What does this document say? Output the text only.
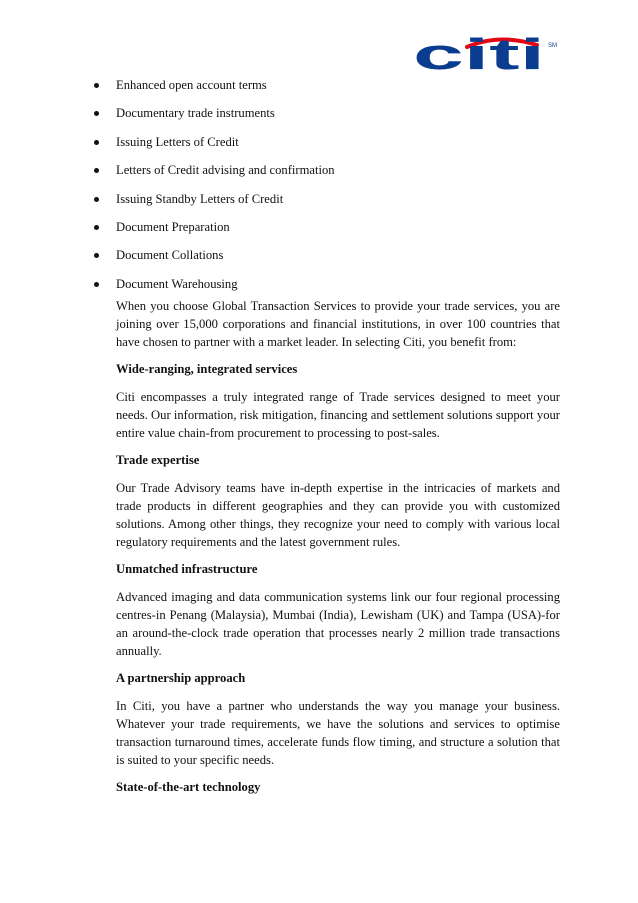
citi SM
Enhanced open account terms
Documentary trade instruments
Issuing Letters of Credit
Letters of Credit advising and confirmation
Issuing Standby Letters of Credit
Document Preparation
Document Collations
Document Warehousing

When you choose Global Transaction Services to provide your trade services, you are joining over 15,000 corporations and financial institutions, in over 100 countries that have chosen to partner with a market leader. In selecting Citi, you benefit from:

Wide-ranging, integrated services

Citi encompasses a truly integrated range of Trade services designed to meet your needs. Our information, risk mitigation, financing and settlement solutions support your entire value chain-from procurement to processing to post-sales.

Trade expertise

Our Trade Advisory teams have in-depth expertise in the intricacies of markets and trade products in different geographies and they can provide you with customized solutions. Among other things, they recognize your need to comply with various local regulatory requirements and the latest government rules.

Unmatched infrastructure

Advanced imaging and data communication systems link our four regional processing centres-in Penang (Malaysia), Mumbai (India), Lewisham (UK) and Tampa (USA)-for an around-the-clock trade operation that processes nearly 2 million trade transactions annually.

A partnership approach

In Citi, you have a partner who understands the way you manage your business. Whatever your trade requirements, we have the solutions and services to optimise transaction turnaround times, accelerate funds flow timing, and structure a solution that is suited to your specific needs.

State-of-the-art technology
